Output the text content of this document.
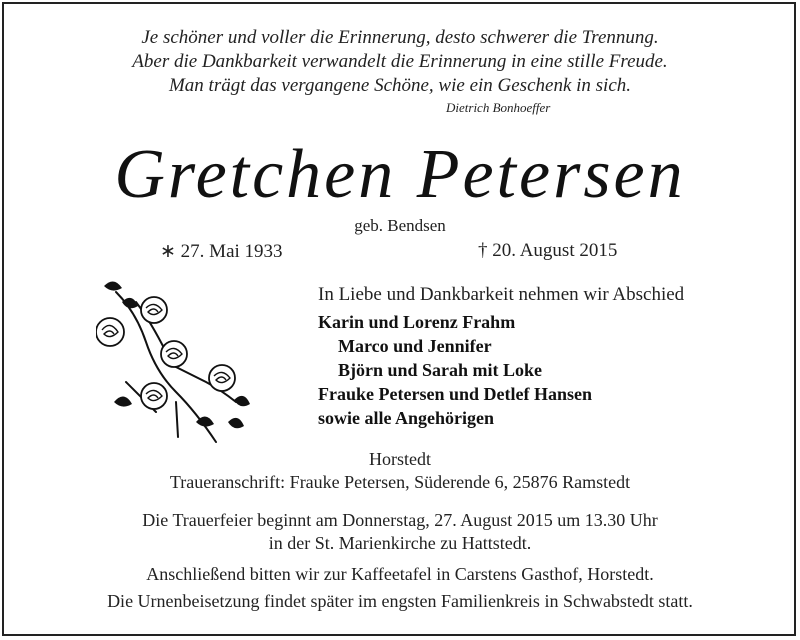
Je schöner und voller die Erinnerung, desto schwerer die Trennung.
Aber die Dankbarkeit verwandelt die Erinnerung in eine stille Freude.
Man trägt das vergangene Schöne, wie ein Geschenk in sich.
Dietrich Bonhoeffer
Gretchen Petersen
geb. Bendsen
∗ 27. Mai 1933	† 20. August 2015
In Liebe und Dankbarkeit nehmen wir Abschied
Karin und Lorenz Frahm
Marco und Jennifer
Björn und Sarah mit Loke
Frauke Petersen und Detlef Hansen
sowie alle Angehörigen
Horstedt
Traueranschrift: Frauke Petersen, Süderende 6, 25876 Ramstedt
Die Trauerfeier beginnt am Donnerstag, 27. August 2015 um 13.30 Uhr
in der St. Marienkirche zu Hattstedt.
Anschließend bitten wir zur Kaffeetafel in Carstens Gasthof, Horstedt.
Die Urnenbeisetzung findet später im engsten Familienkreis in Schwabstedt statt.
